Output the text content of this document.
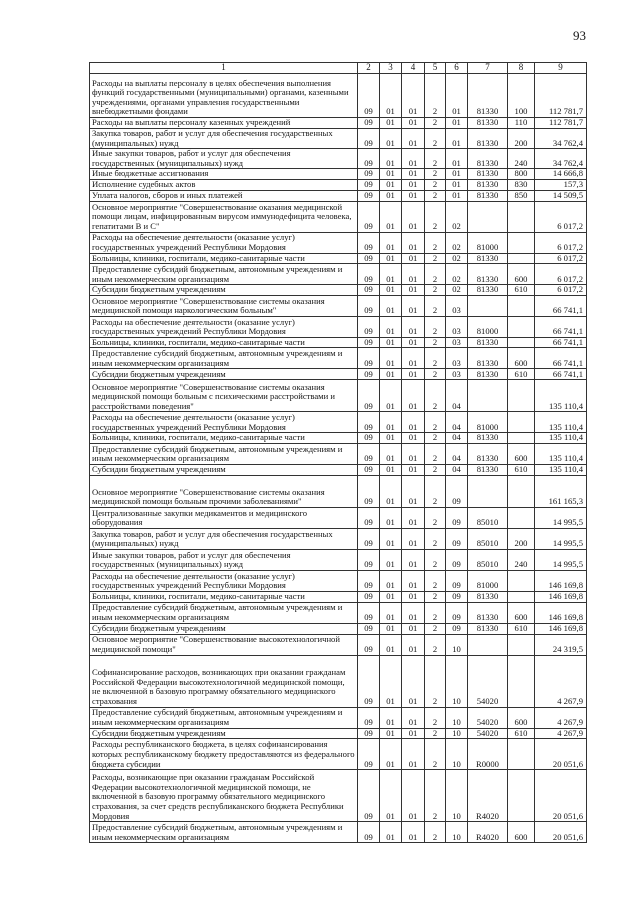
93
1	2	3	4	5	6	7	8	9
Расходы на выплаты персоналу в целях обеспечения выполнения функций государственными (муниципальными) органами, казенными учреждениями, органами управления государственными внебюджетными фондами	09	01	01	2	01	81330	100	112 781,7
Расходы на выплаты персоналу казенных учреждений	09	01	01	2	01	81330	110	112 781,7
Закупка товаров, работ и услуг для обеспечения государственных (муниципальных) нужд	09	01	01	2	01	81330	200	34 762,4
Иные закупки товаров, работ и услуг для обеспечения государственных (муниципальных) нужд	09	01	01	2	01	81330	240	34 762,4
Иные бюджетные ассигнования	09	01	01	2	01	81330	800	14 666,8
Исполнение судебных актов	09	01	01	2	01	81330	830	157,3
Уплата налогов, сборов и иных платежей	09	01	01	2	01	81330	850	14 509,5
Основное мероприятие "Совершенствование оказания медицинской помощи лицам, инфицированным вирусом иммунодефицита человека, гепатитами В и С"	09	01	01	2	02			6 017,2
Расходы на обеспечение деятельности (оказание услуг) государственных учреждений Республики Мордовия	09	01	01	2	02	81000		6 017,2
Больницы, клиники, госпитали, медико-санитарные части	09	01	01	2	02	81330		6 017,2
Предоставление субсидий бюджетным, автономным учреждениям и иным некоммерческим организациям	09	01	01	2	02	81330	600	6 017,2
Субсидии бюджетным учреждениям	09	01	01	2	02	81330	610	6 017,2
Основное мероприятие "Совершенствование системы оказания медицинской помощи наркологическим больным"	09	01	01	2	03			66 741,1
Расходы на обеспечение деятельности (оказание услуг) государственных учреждений Республики Мордовия	09	01	01	2	03	81000		66 741,1
Больницы, клиники, госпитали, медико-санитарные части	09	01	01	2	03	81330		66 741,1
Предоставление субсидий бюджетным, автономным учреждениям и иным некоммерческим организациям	09	01	01	2	03	81330	600	66 741,1
Субсидии бюджетным учреждениям	09	01	01	2	03	81330	610	66 741,1
Основное мероприятие "Совершенствование системы оказания медицинской помощи больным с психическими расстройствами и расстройствами поведения"	09	01	01	2	04			135 110,4
Расходы на обеспечение деятельности (оказание услуг) государственных учреждений Республики Мордовия	09	01	01	2	04	81000		135 110,4
Больницы, клиники, госпитали, медико-санитарные части	09	01	01	2	04	81330		135 110,4
Предоставление субсидий бюджетным, автономным учреждениям и иным некоммерческим организациям	09	01	01	2	04	81330	600	135 110,4
Субсидии бюджетным учреждениям	09	01	01	2	04	81330	610	135 110,4
Основное мероприятие "Совершенствование системы оказания медицинской помощи больным прочими заболеваниями"	09	01	01	2	09			161 165,3
Централизованные закупки медикаментов и медицинского оборудования	09	01	01	2	09	85010		14 995,5
Закупка товаров, работ и услуг для обеспечения государственных (муниципальных) нужд	09	01	01	2	09	85010	200	14 995,5
Иные закупки товаров, работ и услуг для обеспечения государственных (муниципальных) нужд	09	01	01	2	09	85010	240	14 995,5
Расходы на обеспечение деятельности (оказание услуг) государственных учреждений Республики Мордовия	09	01	01	2	09	81000		146 169,8
Больницы, клиники, госпитали, медико-санитарные части	09	01	01	2	09	81330		146 169,8
Предоставление субсидий бюджетным, автономным учреждениям и иным некоммерческим организациям	09	01	01	2	09	81330	600	146 169,8
Субсидии бюджетным учреждениям	09	01	01	2	09	81330	610	146 169,8
Основное мероприятие "Совершенствование высокотехнологичной медицинской помощи"	09	01	01	2	10			24 319,5
Софинансирование расходов, возникающих при оказании гражданам Российской Федерации высокотехнологичной медицинской помощи, не включенной в базовую программу обязательного медицинского страхования	09	01	01	2	10	54020		4 267,9
Предоставление субсидий бюджетным, автономным учреждениям и иным некоммерческим организациям	09	01	01	2	10	54020	600	4 267,9
Субсидии бюджетным учреждениям	09	01	01	2	10	54020	610	4 267,9
Расходы республиканского бюджета, в целях софинансирования которых республиканскому бюджету предоставляются из федерального бюджета субсидии	09	01	01	2	10	R0000		20 051,6
Расходы, возникающие при оказании гражданам Российской Федерации высокотехнологичной медицинской помощи, не включенной в базовую программу обязательного медицинского страхования, за счет средств республиканского бюджета Республики Мордовия	09	01	01	2	10	R4020		20 051,6
Предоставление субсидий бюджетным, автономным учреждениям и иным некоммерческим организациям	09	01	01	2	10	R4020	600	20 051,6
